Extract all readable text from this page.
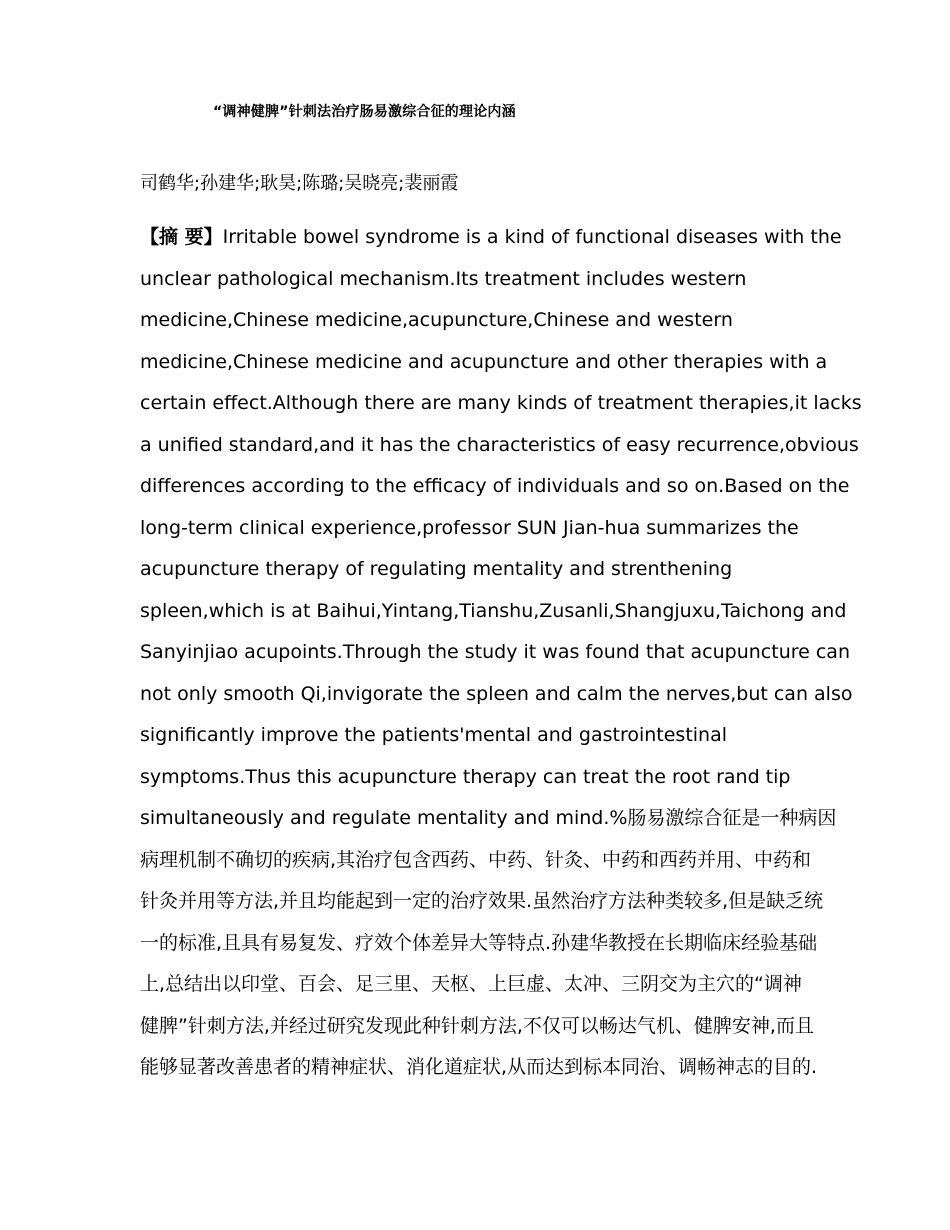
“调神健脾”针刺法治疗肠易激综合征的理论内涵
司鹤华;孙建华;耿昊;陈璐;吴晓亮;裴丽霞
【摘 要】Irritable bowel syndrome is a kind of functional diseases with the
unclear pathological mechanism.Its treatment includes western
medicine,Chinese medicine,acupuncture,Chinese and western
medicine,Chinese medicine and acupuncture and other therapies with a
certain effect.Although there are many kinds of treatment therapies,it lacks
a unified standard,and it has the characteristics of easy recurrence,obvious
differences according to the efficacy of individuals and so on.Based on the
long-term clinical experience,professor SUN Jian-hua summarizes the
acupuncture therapy of regulating mentality and strenthening
spleen,which is at Baihui,Yintang,Tianshu,Zusanli,Shangjuxu,Taichong and
Sanyinjiao acupoints.Through the study it was found that acupuncture can
not only smooth Qi,invigorate the spleen and calm the nerves,but can also
significantly improve the patients'mental and gastrointestinal
symptoms.Thus this acupuncture therapy can treat the root rand tip
simultaneously and regulate mentality and mind.%肠易激综合征是一种病因
病理机制不确切的疾病,其治疗包含西药、中药、针灸、中药和西药并用、中药和
针灸并用等方法,并且均能起到一定的治疗效果.虽然治疗方法种类较多,但是缺乏统
一的标准,且具有易复发、疗效个体差异大等特点.孙建华教授在长期临床经验基础
上,总结出以印堂、百会、足三里、天枢、上巨虚、太冲、三阴交为主穴的“调神
健脾”针刺方法,并经过研究发现此种针刺方法,不仅可以畅达气机、健脾安神,而且
能够显著改善患者的精神症状、消化道症状,从而达到标本同治、调畅神志的目的.
